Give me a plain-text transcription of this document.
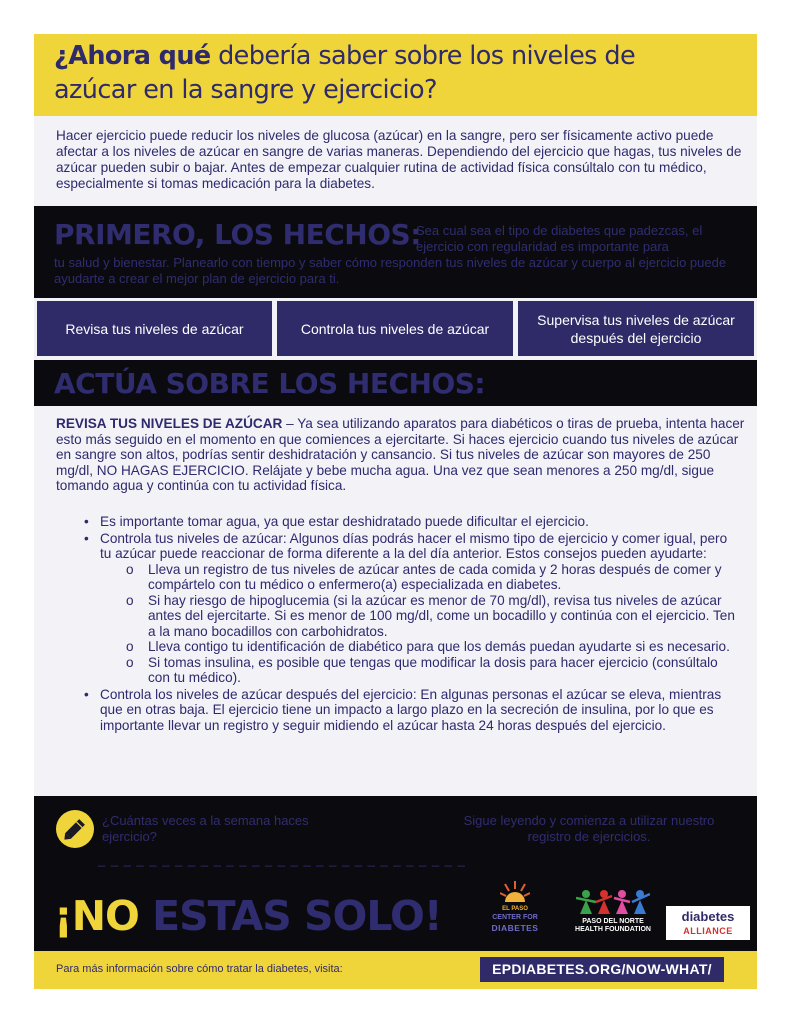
¿Ahora qué debería saber sobre los niveles de
azúcar en la sangre y ejercicio?
Hacer ejercicio puede reducir los niveles de glucosa (azúcar) en la sangre, pero ser físicamente activo puede afectar a los niveles de azúcar en sangre de varias maneras. Dependiendo del ejercicio que hagas, tus niveles de azúcar pueden subir o bajar. Antes de empezar cualquier rutina de actividad física consúltalo con tu médico, especialmente si tomas medicación para la diabetes.
PRIMERO, LOS HECHOS:
Sea cual sea el tipo de diabetes que padezcas, el ejercicio con regularidad es importante para
tu salud y bienestar. Planearlo con tiempo y saber cómo responden tus niveles de azúcar y cuerpo al ejercicio puede ayudarte a crear el mejor plan de ejercicio para ti.
Revisa tus niveles de azúcar	Controla tus niveles de azúcar
Supervisa tus niveles de azúcar después del ejercicio
ACTÚA SOBRE LOS HECHOS:

REVISA TUS NIVELES DE AZÚCAR – Ya sea utilizando aparatos para diabéticos o tiras de prueba, intenta hacer esto más seguido en el momento en que comiences a ejercitarte. Si haces ejercicio cuando tus niveles de azúcar en sangre son altos, podrías sentir deshidratación y cansancio. Si tus niveles de azúcar son mayores de 250 mg/dl, NO HAGAS EJERCICIO. Relájate y bebe mucha agua. Una vez que sean menores a 250 mg/dl, sigue tomando agua y continúa con tu actividad física.

• Es importante tomar agua, ya que estar deshidratado puede dificultar el ejercicio.
• Controla tus niveles de azúcar: Algunos días podrás hacer el mismo tipo de ejercicio y comer igual, pero tu azúcar puede reaccionar de forma diferente a la del día anterior. Estos consejos pueden ayudarte:
o Lleva un registro de tus niveles de azúcar antes de cada comida y 2 horas después de comer y compártelo con tu médico o enfermero(a) especializada en diabetes.
o Si hay riesgo de hipoglucemia (si la azúcar es menor de 70 mg/dl), revisa tus niveles de azúcar antes del ejercitarte. Si es menor de 100 mg/dl, come un bocadillo y continúa con el ejercicio. Ten a la mano bocadillos con carbohidratos.
o Lleva contigo tu identificación de diabético para que los demás puedan ayudarte si es necesario.
o Si tomas insulina, es posible que tengas que modificar la dosis para hacer ejercicio (consúltalo con tu médico).
• Controla los niveles de azúcar después del ejercicio: En algunas personas el azúcar se eleva, mientras que en otras baja. El ejercicio tiene un impacto a largo plazo en la secreción de insulina, por lo que es importante llevar un registro y seguir midiendo el azúcar hasta 24 horas después del ejercicio.
¿Cuántas veces a la semana haces ejercicio?
_ _ _ _ _ _ _ _ _ _ _ _ _ _ _ _ _ _ _ _ _ _ _ _ _ _ _ _ _
Sigue leyendo y comienza a utilizar nuestro registro de ejercicios.
¡NO ESTAS SOLO!	EL PASO
CENTER FOR
DIABETES
PASO DEL NORTE
HEALTH FOUNDATION
diabetes
ALLIANCE
Para más información sobre cómo tratar la diabetes, visita:	EPDIABETES.ORG/NOW-WHAT/
